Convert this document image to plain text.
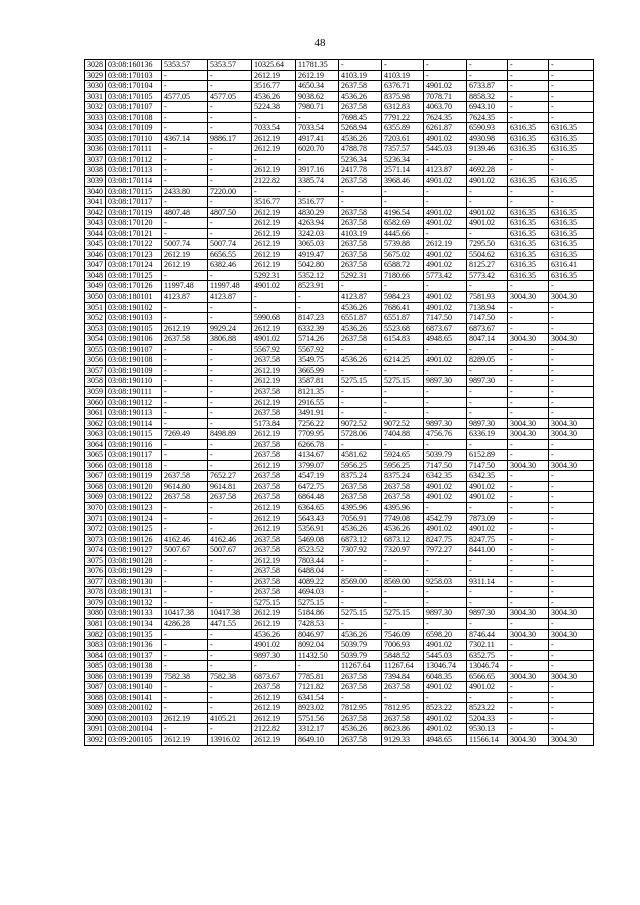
48
3028	03:08:160136	5353.57	5353.57	10325.64	11781.35	-	-	-	-	-	-
3029	03:08:170103	-	-	2612.19	2612.19	4103.19	4103.19	-	-	-	-
3030	03:08:170104	-	-	3516.77	4650.34	2637.58	6376.71	4901.02	6733.87	-	-
3031	03:08:170105	4577.05	4577.05	4536.26	9038.62	4536.26	8375.98	7078.71	8858.32	-	-
3032	03:08:170107	-	-	5224.38	7980.71	2637.58	6312.83	4063.70	6943.10	-	-
3033	03:08:170108	-	-	-	-	7698.45	7791.22	7624.35	7624.35	-	-
3034	03:08:170109	-	-	7033.54	7033.54	5268.94	6355.89	6261.87	6590.93	6316.35	6316.35
3035	03:08:170110	4367.14	9886.17	2612.19	4917.41	4536.26	7203.61	4901.02	4930.98	6316.35	6316.35
3036	03:08:170111	-	-	2612.19	6020.70	4788.78	7357.57	5445.03	9139.46	6316.35	6316.35
3037	03:08:170112	-	-	-	-	5236.34	5236.34	-	-	-	-
3038	03:08:170113	-	-	2612.19	3917.16	2417.78	2571.14	4123.87	4692.28	-	-
3039	03:08:170114	-	-	2122.82	3385.74	2637.58	3968.46	4901.02	4901.02	6316.35	6316.35
3040	03:08:170115	2433.80	7220.00	-	-	-	-	-	-	-	-
3041	03:08:170117	-	-	3516.77	3516.77	-	-	-	-	-	-
3042	03:08:170119	4807.48	4807.50	2612.19	4830.29	2637.58	4196.54	4901.02	4901.02	6316.35	6316.35
3043	03:08:170120	-	-	2612.19	4263.94	2637.58	6582.69	4901.02	4901.02	6316.35	6316.35
3044	03:08:170121	-	-	2612.19	3242.03	4103.19	4445.66	-	-	6316.35	6316.35
3045	03:08:170122	5007.74	5007.74	2612.19	3065.03	2637.58	5739.88	2612.19	7295.50	6316.35	6316.35
3046	03:08:170123	2612.19	6656.55	2612.19	4919.47	2637.58	5675.02	4901.02	5504.62	6316.35	6316.35
3047	03:08:170124	2612.19	6382.46	2612.19	5042.80	2637.58	6588.72	4901.02	8125.27	6316.35	6316.41
3048	03:08:170125	-	-	5292.31	5352.12	5292.31	7180.66	5773.42	5773.42	6316.35	6316.35
3049	03:08:170126	11997.48	11997.48	4901.02	8523.91	-	-	-	-	-	-
3050	03:08:180101	4123.87	4123.87	-	-	4123.87	5984.23	4901.02	7581.93	3004.30	3004.30
3051	03:08:190102	-	-	-	-	4536.26	7686.41	4901.02	7138.94	-	-
3052	03:08:190103	-	-	5990.68	8147.23	6551.87	6551.87	7147.50	7147.50	-	-
3053	03:08:190105	2612.19	9929.24	2612.19	6332.39	4536.26	5523.68	6873.67	6873.67	-	-
3054	03:08:190106	2637.58	3806.88	4901.02	5714.26	2637.58	6154.83	4948.65	8047.14	3004.30	3004.30
3055	03:08:190107	-	-	5567.92	5567.92	-	-	-	-	-	-
3056	03:08:190108	-	-	2637.58	3549.75	4536.26	6214.25	4901.02	8289.05	-	-
3057	03:08:190109	-	-	2612.19	3665.99	-	-	-	-	-	-
3058	03:08:190110	-	-	2612.19	3587.81	5275.15	5275.15	9897.30	9897.30	-	-
3059	03:08:190111	-	-	2637.58	8121.35	-	-	-	-	-	-
3060	03:08:190112	-	-	2612.19	2916.55	-	-	-	-	-	-
3061	03:08:190113	-	-	2637.58	3491.91	-	-	-	-	-	-
3062	03:08:190114	-	-	5173.84	7256.22	9072.52	9072.52	9897.30	9897.30	3004.30	3004.30
3063	03:08:190115	7269.49	8498.89	2612.19	7709.95	5728.06	7404.88	4756.76	6336.19	3004.30	3004.30
3064	03:08:190116	-	-	2637.58	6266.78	-	-	-	-	-	-
3065	03:08:190117	-	-	2637.58	4134.67	4581.62	5924.65	5039.79	6152.89	-	-
3066	03:08:190118	-	-	2612.19	3799.07	5956.25	5956.25	7147.50	7147.50	3004.30	3004.30
3067	03:08:190119	2637.58	7652.27	2637.58	4547.19	8375.24	8375.24	6342.35	6342.35	-	-
3068	03:08:190120	9614.80	9614.81	2637.58	6472.75	2637.58	2637.58	4901.02	4901.02	-	-
3069	03:08:190122	2637.58	2637.58	2637.58	6864.48	2637.58	2637.58	4901.02	4901.02	-	-
3070	03:08:190123	-	-	2612.19	6364.65	4395.96	4395.96	-	-	-	-
3071	03:08:190124	-	-	2612.19	5643.43	7056.91	7749.08	4542.79	7873.09	-	-
3072	03:08:190125	-	-	2612.19	5356.91	4536.26	4536.26	4901.02	4901.02	-	-
3073	03:08:190126	4162.46	4162.46	2637.58	5469.08	6873.12	6873.12	8247.75	8247.75	-	-
3074	03:08:190127	5007.67	5007.67	2637.58	8523.52	7307.92	7320.97	7972.27	8441.00	-	-
3075	03:08:190128	-	-	2612.19	7803.44	-	-	-	-	-	-
3076	03:08:190129	-	-	2637.58	6488.04	-	-	-	-	-	-
3077	03:08:190130	-	-	2637.58	4089.22	8569.00	8569.00	9258.03	9311.14	-	-
3078	03:08:190131	-	-	2637.58	4694.03	-	-	-	-	-	-
3079	03:08:190132	-	-	5275.15	5275.15	-	-	-	-	-	-
3080	03:08:190133	10417.38	10417.38	2612.19	5184.86	5275.15	5275.15	9897.30	9897.30	3004.30	3004.30
3081	03:08:190134	4286.28	4471.55	2612.19	7428.53	-	-	-	-	-	-
3082	03:08:190135	-	-	4536.26	8046.97	4536.26	7546.09	6598.20	8746.44	3004.30	3004.30
3083	03:08:190136	-	-	4901.02	8092.04	5039.79	7006.93	4901.02	7302.11	-	-
3084	03:08:190137	-	-	9897.30	11432.50	5039.79	5848.52	5445.03	6352.75	-	-
3085	03:08:190138	-	-	-	-	11267.64	11267.64	13046.74	13046.74	-	-
3086	03:08:190139	7582.38	7582.38	6873.67	7785.81	2637.58	7394.84	6048.35	6566.65	3004.30	3004.30
3087	03:08:190140	-	-	2637.58	7121.82	2637.58	2637.58	4901.02	4901.02	-	-
3088	03:08:190141	-	-	2612.19	6341.54	-	-	-	-	-	-
3089	03:08:200102	-	-	2612.19	8923.02	7812.95	7812.95	8523.22	8523.22	-	-
3090	03:08:200103	2612.19	4105.21	2612.19	5751.56	2637.58	2637.58	4901.02	5204.33	-	-
3091	03:08:200104	-	-	2122.82	3312.17	4536.26	8623.86	4901.02	9530.13	-	-
3092	03:09:200105	2612.19	13916.02	2612.19	8649.10	2637.58	9129.33	4948.65	11566.14	3004.30	3004.30
